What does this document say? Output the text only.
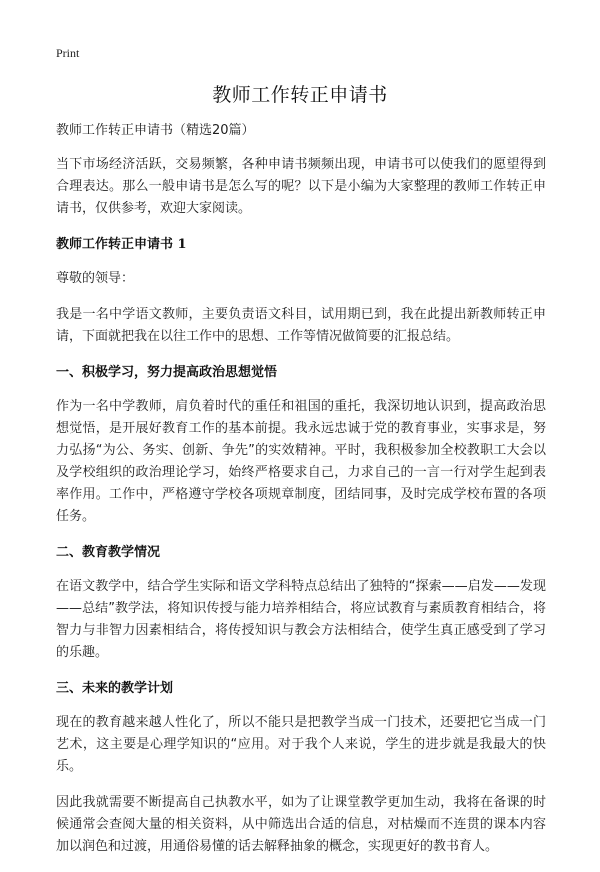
Print
教师工作转正申请书

教师工作转正申请书（精选20篇）

当下市场经济活跃，交易频繁，各种申请书频频出现，申请书可以使我们的愿望得到合理表达。那么一般申请书是怎么写的呢？以下是小编为大家整理的教师工作转正申请书，仅供参考，欢迎大家阅读。

教师工作转正申请书 1

尊敬的领导：

我是一名中学语文教师，主要负责语文科目，试用期已到，我在此提出新教师转正申请，下面就把我在以往工作中的思想、工作等情况做简要的汇报总结。

一、积极学习，努力提高政治思想觉悟

作为一名中学教师，肩负着时代的重任和祖国的重托，我深切地认识到，提高政治思想觉悟，是开展好教育工作的基本前提。我永远忠诚于党的教育事业，实事求是，努力弘扬“为公、务实、创新、争先”的实效精神。平时，我积极参加全校教职工大会以及学校组织的政治理论学习，始终严格要求自己，力求自己的一言一行对学生起到表率作用。工作中，严格遵守学校各项规章制度，团结同事，及时完成学校布置的各项任务。

二、教育教学情况

在语文教学中，结合学生实际和语文学科特点总结出了独特的“探索——启发——发现——总结”教学法，将知识传授与能力培养相结合，将应试教育与素质教育相结合，将智力与非智力因素相结合，将传授知识与教会方法相结合，使学生真正感受到了学习的乐趣。

三、未来的教学计划

现在的教育越来越人性化了，所以不能只是把教学当成一门技术，还要把它当成一门艺术，这主要是心理学知识的“应用。对于我个人来说，学生的进步就是我最大的快乐。

因此我就需要不断提高自己执教水平，如为了让课堂教学更加生动，我将在备课的时候通常会查阅大量的相关资料，从中筛选出合适的信息，对枯燥而不连贯的课本内容加以润色和过渡，用通俗易懂的话去解释抽象的概念，实现更好的教书育人。
